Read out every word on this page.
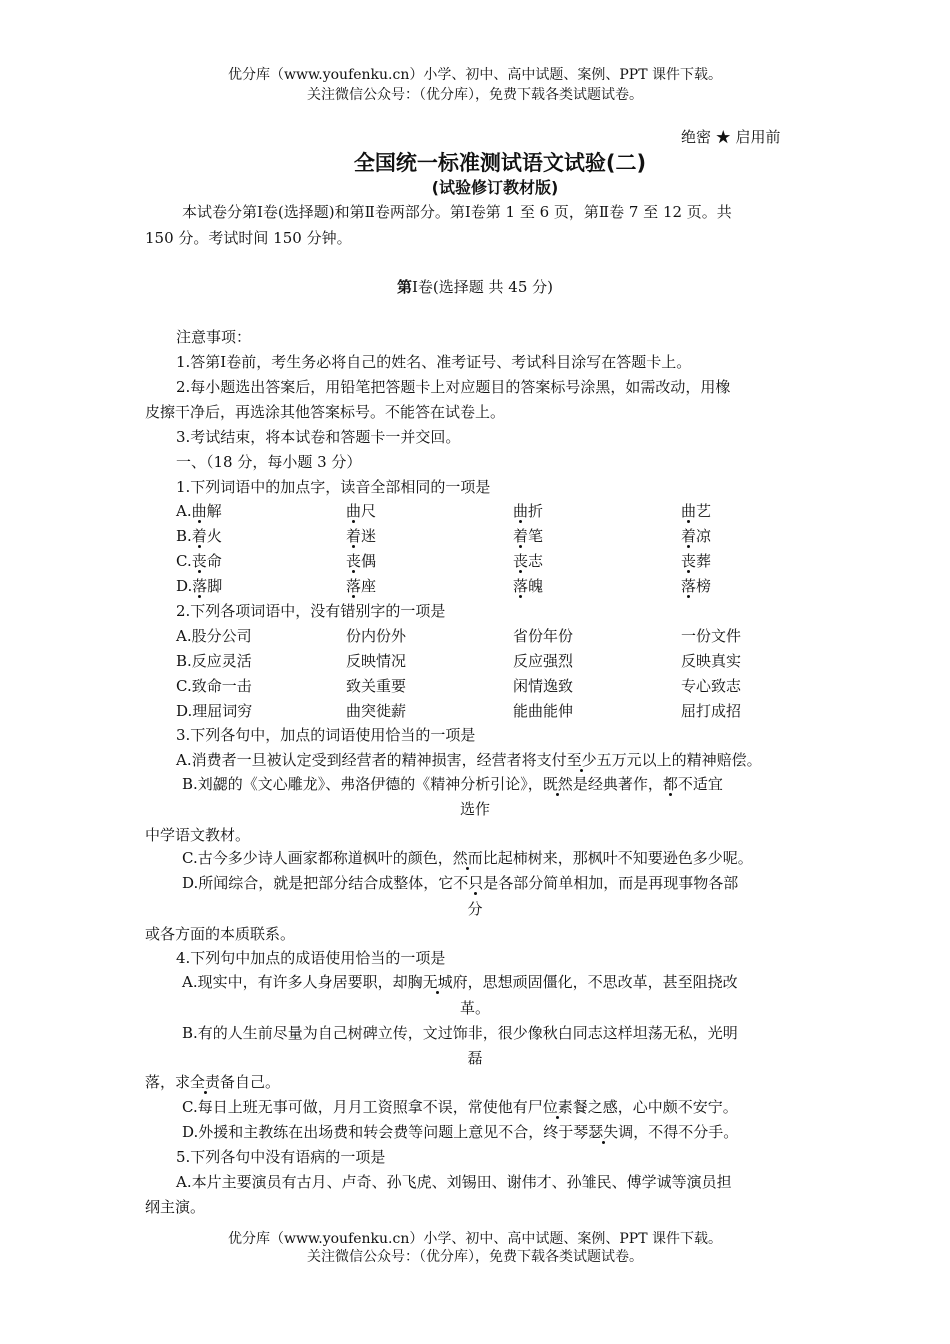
优分库（www.youfenku.cn）小学、初中、高中试题、案例、PPT 课件下载。
关注微信公众号：（优分库），免费下载各类试题试卷。
绝密 ★ 启用前
全国统一标准测试语文试验(二)
(试验修订教材版)
本试卷分第Ⅰ卷(选择题)和第Ⅱ卷两部分。第Ⅰ卷第 1 至 6 页，第Ⅱ卷 7 至 12 页。共
150 分。考试时间 150 分钟。
第Ⅰ卷(选择题 共 45 分)
注意事项：
1.答第Ⅰ卷前，考生务必将自己的姓名、准考证号、考试科目涂写在答题卡上。
2.每小题选出答案后，用铅笔把答题卡上对应题目的答案标号涂黑，如需改动，用橡
皮擦干净后，再选涂其他答案标号。不能答在试卷上。
3.考试结束，将本试卷和答题卡一并交回。
一、（18 分，每小题 3 分）
1.下列词语中的加点字，读音全部相同的一项是
A.曲解	曲尺	曲折	曲艺
B.着火	着迷	着笔	着凉
C.丧命	丧偶	丧志	丧葬
D.落脚	落座	落魄	落榜
2.下列各项词语中，没有错别字的一项是
A.股分公司	份内份外	省份年份	一份文件
B.反应灵活	反映情况	反应强烈	反映真实
C.致命一击	致关重要	闲情逸致	专心致志
D.理屈词穷	曲突徙薪	能曲能伸	屈打成招
3.下列各句中，加点的词语使用恰当的一项是
A.消费者一旦被认定受到经营者的精神损害，经营者将支付至少五万元以上的精神赔偿。
B.刘勰的《文心雕龙》、弗洛伊德的《精神分析引论》，既然是经典著作，都不适宜
选作
中学语文教材。
C.古今多少诗人画家都称道枫叶的颜色，然而比起柿树来，那枫叶不知要逊色多少呢。
D.所闻综合，就是把部分结合成整体，它不只是各部分简单相加，而是再现事物各部
分
或各方面的本质联系。
4.下列句中加点的成语使用恰当的一项是
A.现实中，有许多人身居要职，却胸无城府，思想顽固僵化，不思改革，甚至阻挠改
革。
B.有的人生前尽量为自己树碑立传，文过饰非，很少像秋白同志这样坦荡无私，光明
磊
落，求全责备自己。
C.每日上班无事可做，月月工资照拿不误，常使他有尸位素餐之感，心中颇不安宁。
D.外援和主教练在出场费和转会费等问题上意见不合，终于琴瑟失调，不得不分手。
5.下列各句中没有语病的一项是
A.本片主要演员有古月、卢奇、孙飞虎、刘锡田、谢伟才、孙雏民、傅学诚等演员担
纲主演。
优分库（www.youfenku.cn）小学、初中、高中试题、案例、PPT 课件下载。
关注微信公众号：（优分库），免费下载各类试题试卷。
